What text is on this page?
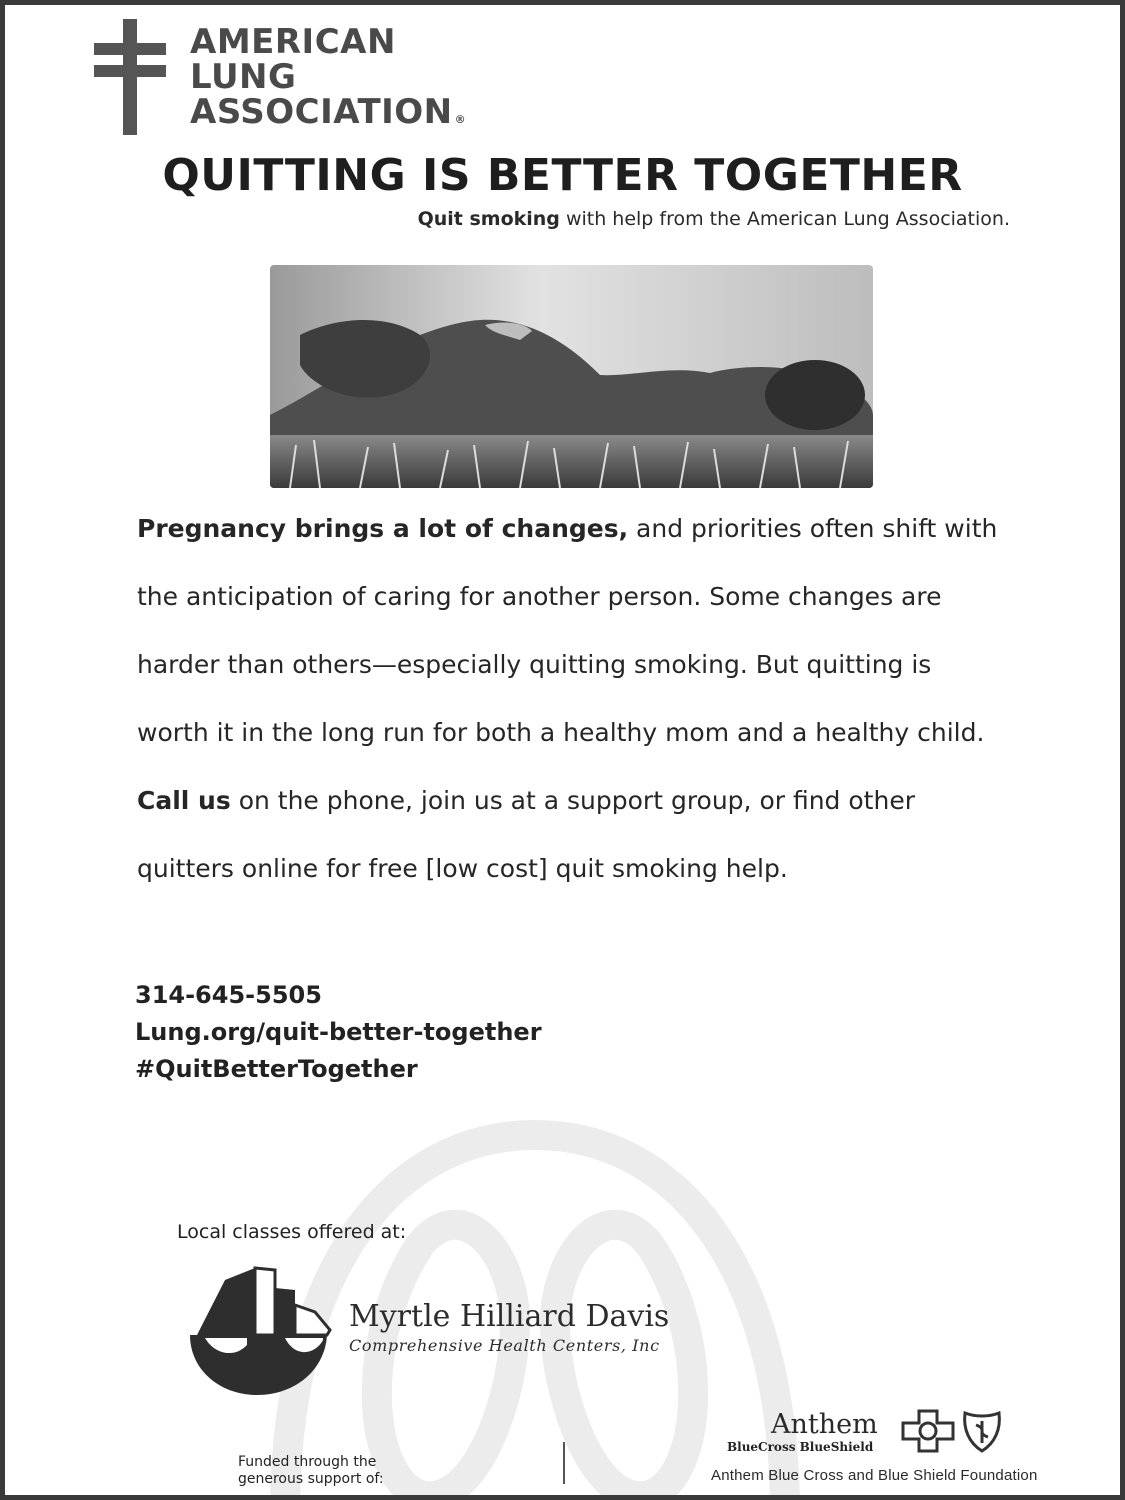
AMERICAN
LUNG
ASSOCIATION ®
QUITTING IS BETTER TOGETHER
Quit smoking with help from the American Lung Association.

Pregnancy brings a lot of changes, and priorities often shift with the anticipation of caring for another person. Some changes are harder than others—especially quitting smoking. But quitting is worth it in the long run for both a healthy mom and a healthy child. Call us on the phone, join us at a support group, or find other quitters online for free [low cost] quit smoking help.

314-645-5505
Lung.org/quit-better-together
#QuitBetterTogether
Local classes offered at:
Myrtle Hilliard Davis
Comprehensive Health Centers, Inc
Funded through the generous support of:
Anthem
BlueCross BlueShield
Anthem Blue Cross and Blue Shield Foundation
